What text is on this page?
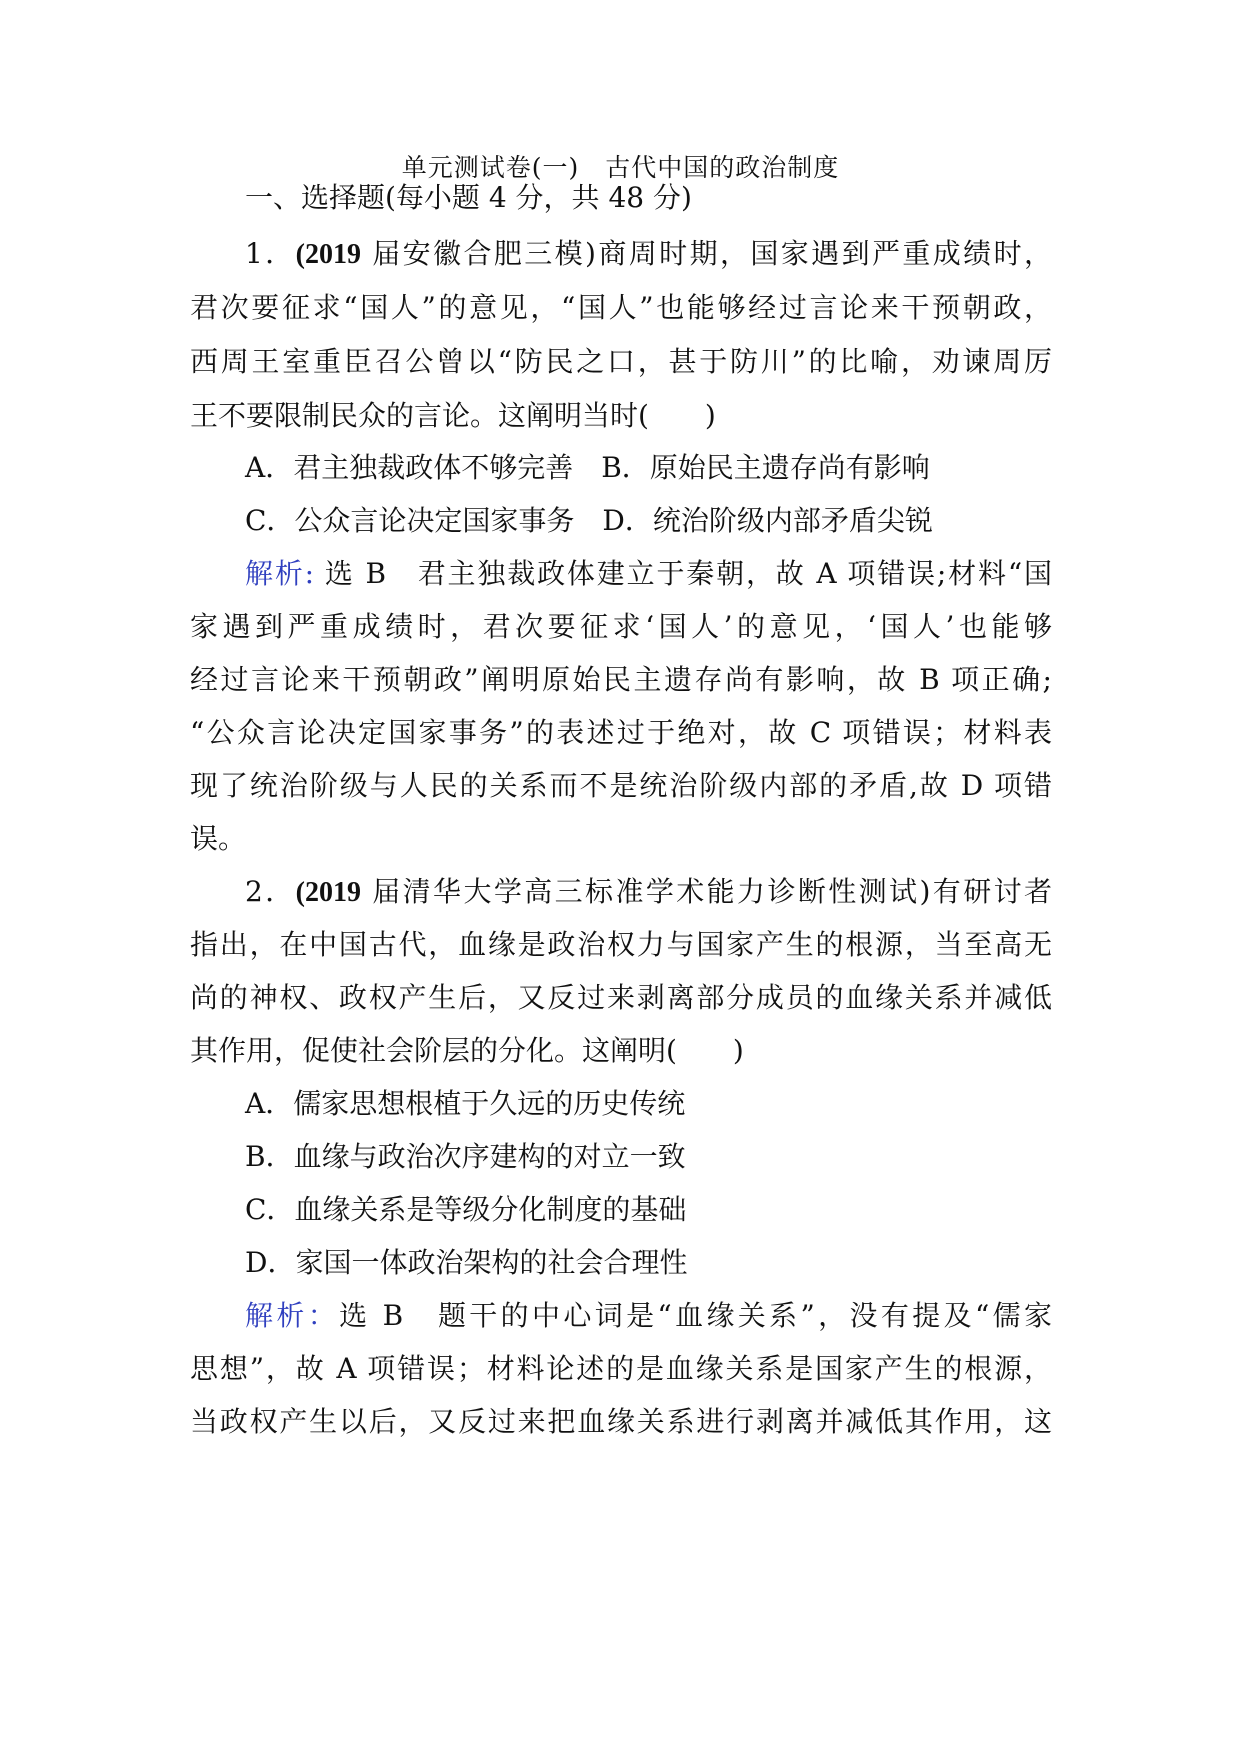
单元测试卷(一)　古代中国的政治制度
一、选择题(每小题 4 分，共 48 分)
1．(2019 届安徽合肥三模)商周时期，国家遇到严重成绩时，
君次要征求“国人”的意见，“国人”也能够经过言论来干预朝政，
西周王室重臣召公曾以“防民之口，甚于防川”的比喻，劝谏周厉
王不要限制民众的言论。这阐明当时(　　)
A．君主独裁政体不够完善　B．原始民主遗存尚有影响
C．公众言论决定国家事务　D．统治阶级内部矛盾尖锐
解析: 选 B　君主独裁政体建立于秦朝，故 A 项错误;材料“国
家遇到严重成绩时，君次要征求‘国人’的意见，‘国人’也能够
经过言论来干预朝政”阐明原始民主遗存尚有影响，故 B 项正确;
“公众言论决定国家事务”的表述过于绝对，故 C 项错误；材料表
现了统治阶级与人民的关系而不是统治阶级内部的矛盾,故 D 项错
误。
2．(2019 届清华大学高三标准学术能力诊断性测试)有研讨者
指出，在中国古代，血缘是政治权力与国家产生的根源，当至高无
尚的神权、政权产生后，又反过来剥离部分成员的血缘关系并减低
其作用，促使社会阶层的分化。这阐明(　　)
A．儒家思想根植于久远的历史传统
B．血缘与政治次序建构的对立一致
C．血缘关系是等级分化制度的基础
D．家国一体政治架构的社会合理性
解析：选 B　题干的中心词是“血缘关系”，没有提及“儒家
思想”，故 A 项错误；材料论述的是血缘关系是国家产生的根源，
当政权产生以后，又反过来把血缘关系进行剥离并减低其作用，这
